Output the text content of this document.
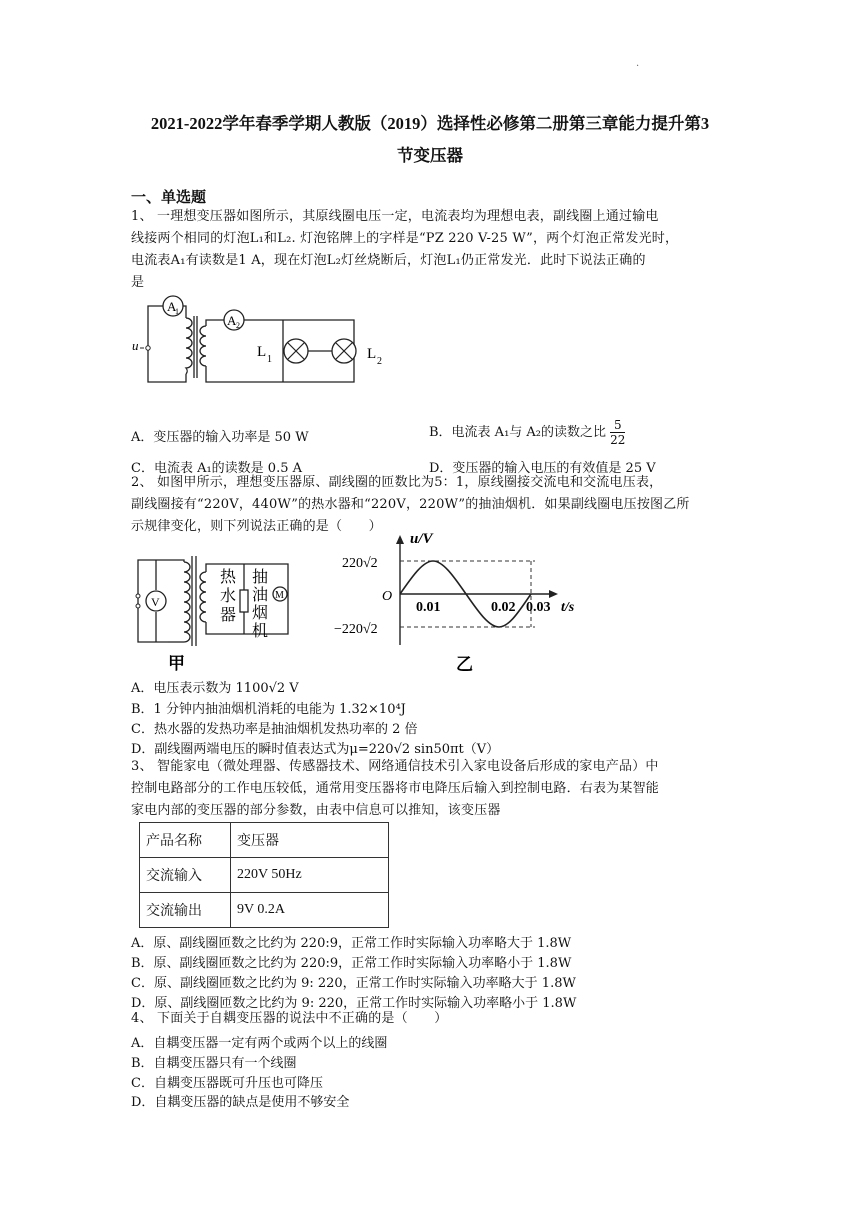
.
2021-2022学年春季学期人教版（2019）选择性必修第二册第三章能力提升第3
节变压器
一、单选题
1、 一理想变压器如图所示，其原线圈电压一定，电流表均为理想电表，副线圈上通过输电
线接两个相同的灯泡L₁和L₂. 灯泡铭牌上的字样是“PZ 220 V-25 W”，两个灯泡正常发光时，
电流表A₁有读数是1 A，现在灯泡L₂灯丝烧断后，灯泡L₁仍正常发光．此时下说法正确的
是
A
1
u
A 2
L 1	L 2
A．变压器的输入功率是 50 W	B．电流表 A₁与 A₂的读数之比 $\frac{5}{22}$
C．电流表 A₁的读数是 0.5 A	D．变压器的输入电压的有效值是 25 V
2、 如图甲所示，理想变压器原、副线圈的匝数比为5：1，原线圈接交流电和交流电压表，
副线圈接有“220V，440W”的热水器和“220V，220W”的抽油烟机．如果副线圈电压按图乙所
示规律变化，则下列说法正确的是（　　）
V
热
水
器
抽
油
烟
机
M
甲
u/V
220√2
O
−220√2
0.01	0.02 0.03 t/s
乙
A．电压表示数为 1100√2 V
B．1 分钟内抽油烟机消耗的电能为 1.32×10⁴J
C．热水器的发热功率是抽油烟机发热功率的 2 倍
D．副线圈两端电压的瞬时值表达式为μ=220√2 sin50πt（V）
3、 智能家电（微处理器、传感器技术、网络通信技术引入家电设备后形成的家电产品）中
控制电路部分的工作电压较低，通常用变压器将市电降压后输入到控制电路．右表为某智能
家电内部的变压器的部分参数，由表中信息可以推知，该变压器
产品名称	变压器
交流输入	220V 50Hz
交流输出	9V 0.2A
A．原、副线圈匝数之比约为 220:9，正常工作时实际输入功率略大于 1.8W
B．原、副线圈匝数之比约为 220:9，正常工作时实际输入功率略小于 1.8W
C．原、副线圈匝数之比约为 9: 220，正常工作时实际输入功率略大于 1.8W
D．原、副线圈匝数之比约为 9: 220，正常工作时实际输入功率略小于 1.8W
4、 下面关于自耦变压器的说法中不正确的是（　　）
A．自耦变压器一定有两个或两个以上的线圈
B．自耦变压器只有一个线圈
C．自耦变压器既可升压也可降压
D．自耦变压器的缺点是使用不够安全
